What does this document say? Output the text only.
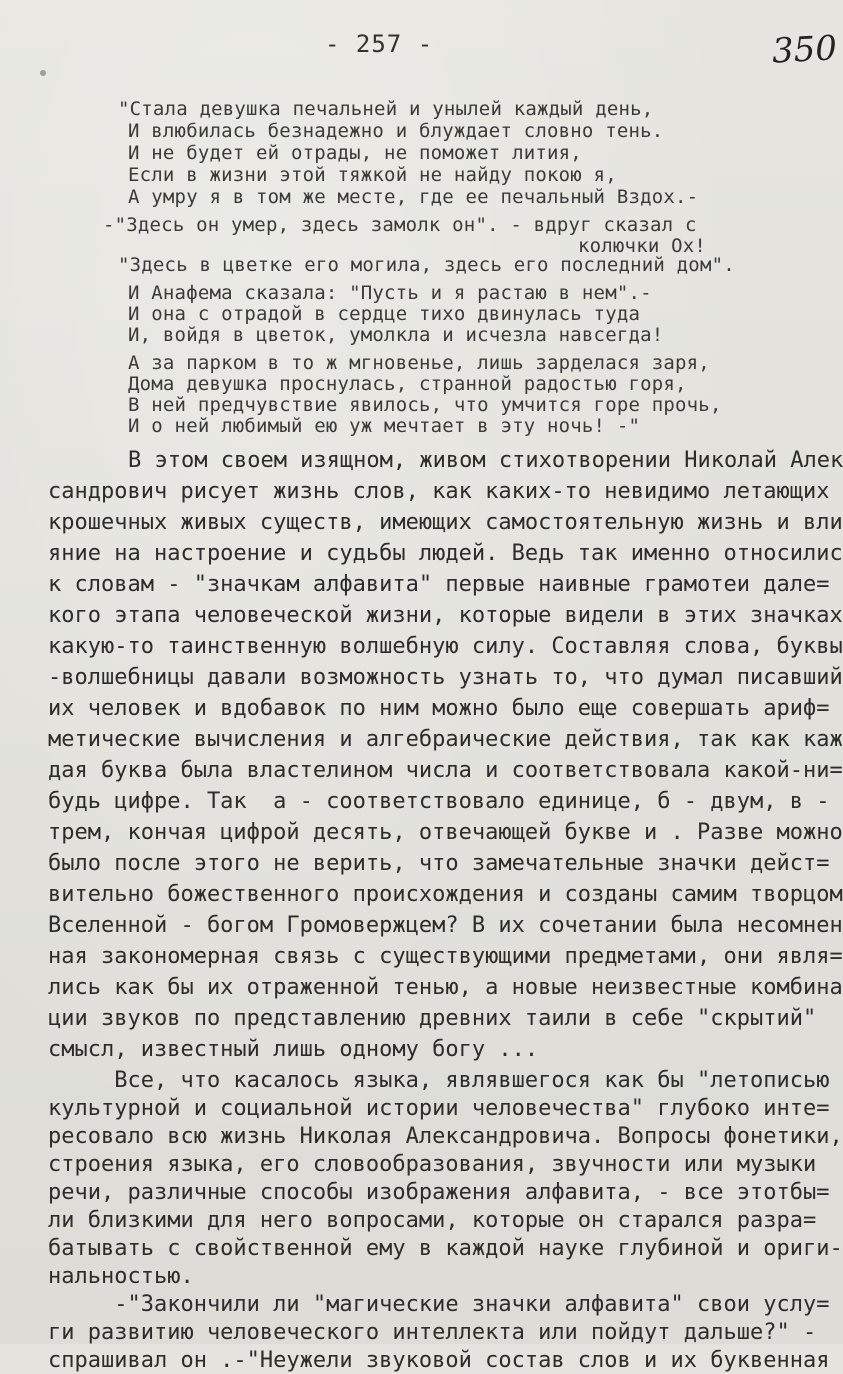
- 257 -	350
"Стала девушка печальней и унылей каждый день,
И влюбилась безнадежно и блуждает словно тень.
И не будет ей отрады, не поможет лития,
Если в жизни этой тяжкой не найду покою я,
А умру я в том же месте, где ее печальный Вздох.-
-"Здесь он умер, здесь замолк он". - вдруг сказал с
колючки Ох!
"Здесь в цветке его могила, здесь его последний дом".
И Анафема сказала: "Пусть и я растаю в нем".-
И она с отрадой в сердце тихо двинулась туда
И, войдя в цветок, умолкла и исчезла навсегда!
А за парком в то ж мгновенье, лишь зарделася заря,
Дома девушка проснулась, странной радостью горя,
В ней предчувствие явилось, что умчится горе прочь,
И о ней любимый ею уж мечтает в эту ночь! -"
В этом своем изящном, живом стихотворении Николай Алек
сандрович рисует жизнь слов, как каких-то невидимо летающих
крошечных живых существ, имеющих самостоятельную жизнь и вли
яние на настроение и судьбы людей. Ведь так именно относилис
к словам - "значкам алфавита" первые наивные грамотеи дале=
кого этапа человеческой жизни, которые видели в этих значках
какую-то таинственную волшебную силу. Составляя слова, буквы
-волшебницы давали возможность узнать то, что думал писавший
их человек и вдобавок по ним можно было еще совершать ариф=
метические вычисления и алгебраические действия, так как каж
дая буква была властелином числа и соответствовала какой-ни=
будь цифре. Так  а - соответствовало единице, б - двум, в -
трем, кончая цифрой десять, отвечающей букве и . Разве можно
было после этого не верить, что замечательные значки дейст=
вительно божественного происхождения и созданы самим творцом
Вселенной - богом Громовержцем? В их сочетании была несомнен
ная закономерная связь с существующими предметами, они явля=
лись как бы их отраженной тенью, а новые неизвестные комбина
ции звуков по представлению древних таили в себе "скрытий"
смысл, известный лишь одному богу ...
Все, что касалось языка, являвшегося как бы "летописью
культурной и социальной истории человечества" глубоко инте=
ресовало всю жизнь Николая Александровича. Вопросы фонетики,
строения языка, его словообразования, звучности или музыки
речи, различные способы изображения алфавита, - все этотбы=
ли близкими для него вопросами, которые он старался разра=
батывать с свойственной ему в каждой науке глубиной и ориги-
нальностью.
-"Закончили ли "магические значки алфавита" свои услу=
ги развитию человеческого интеллекта или пойдут дальше?" -
спрашивал он .-"Неужели звуковой состав слов и их буквенная
